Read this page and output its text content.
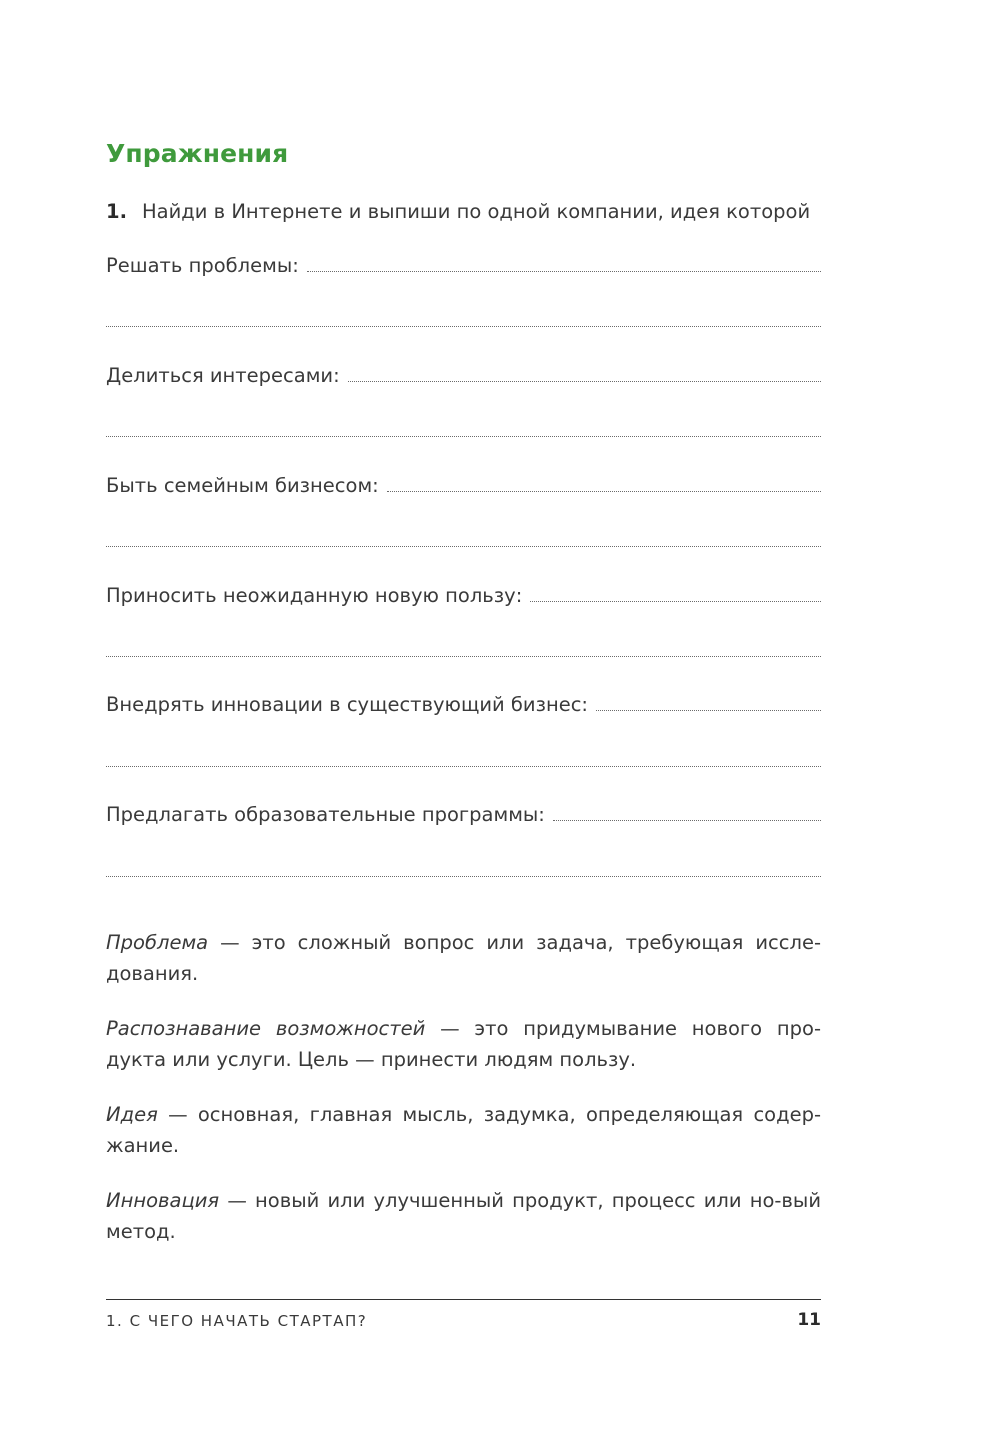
Упражнения
1. Найди в Интернете и выпиши по одной компании, идея которой
Решать проблемы:
Делиться интересами:
Быть семейным бизнесом:
Приносить неожиданную новую пользу:
Внедрять инновации в существующий бизнес:
Предлагать образовательные программы:

Проблема — это сложный вопрос или задача, требующая иссле-дования.

Распознавание возможностей — это придумывание нового про-дукта или услуги. Цель — принести людям пользу.

Идея — основная, главная мысль, задумка, определяющая содер-жание.

Инновация — новый или улучшенный продукт, процесс или но-вый метод.

1. С ЧЕГО НАЧАТЬ СТАРТАП?	11
